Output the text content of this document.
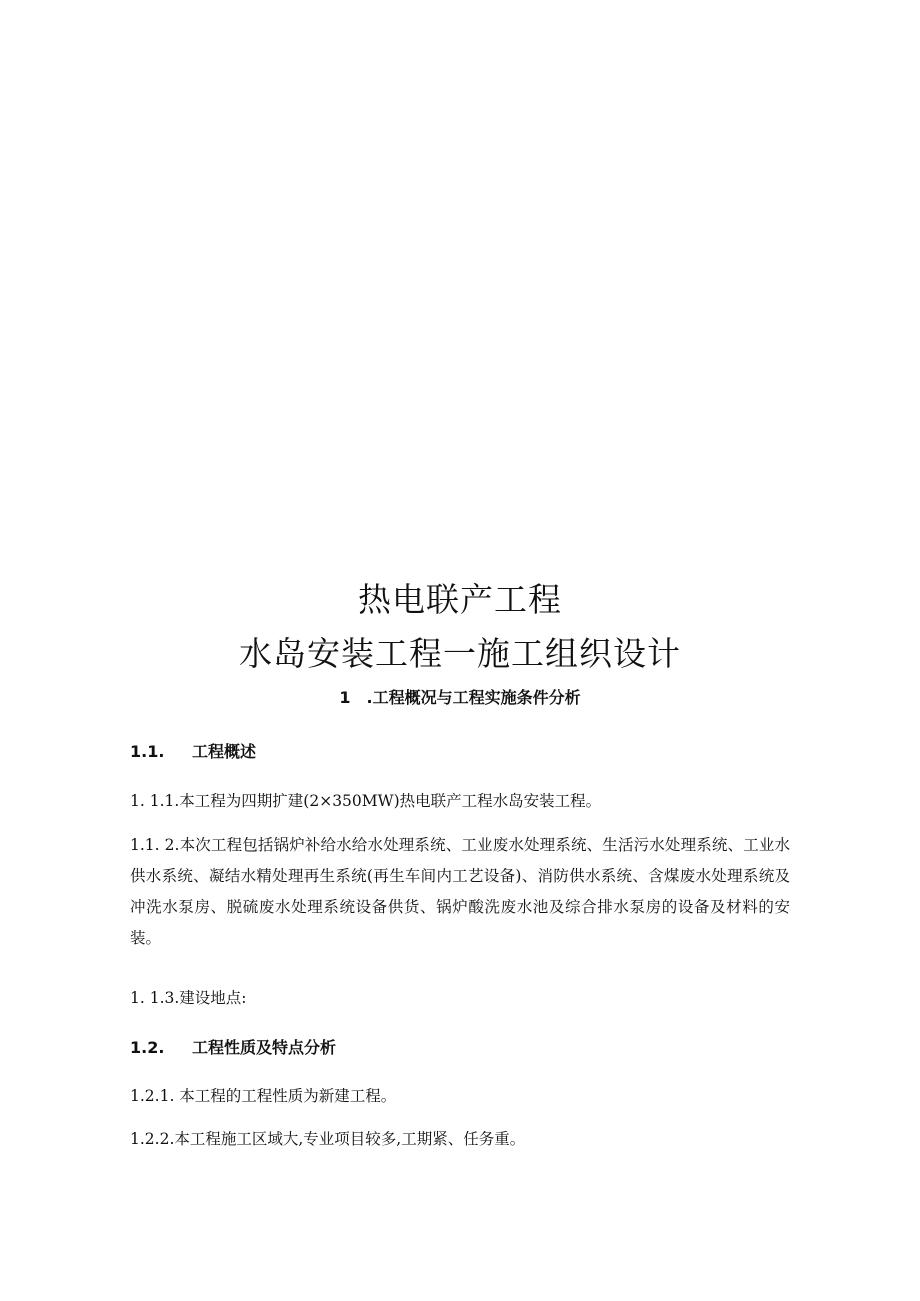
热电联产工程
水岛安装工程一施工组织设计
1 .工程概况与工程实施条件分析
1.1. 工程概述
1. 1.1.本工程为四期扩建(2×350MW)热电联产工程水岛安装工程。
1.1. 2.本次工程包括锅炉补给水给水处理系统、工业废水处理系统、生活污水处理系统、工业水供水系统、凝结水精处理再生系统(再生车间内工艺设备)、消防供水系统、含煤废水处理系统及冲洗水泵房、脱硫废水处理系统设备供货、锅炉酸洗废水池及综合排水泵房的设备及材料的安装。
1. 1.3.建设地点:
1.2. 工程性质及特点分析
1.2.1. 本工程的工程性质为新建工程。
1.2.2.本工程施工区域大,专业项目较多,工期紧、任务重。
